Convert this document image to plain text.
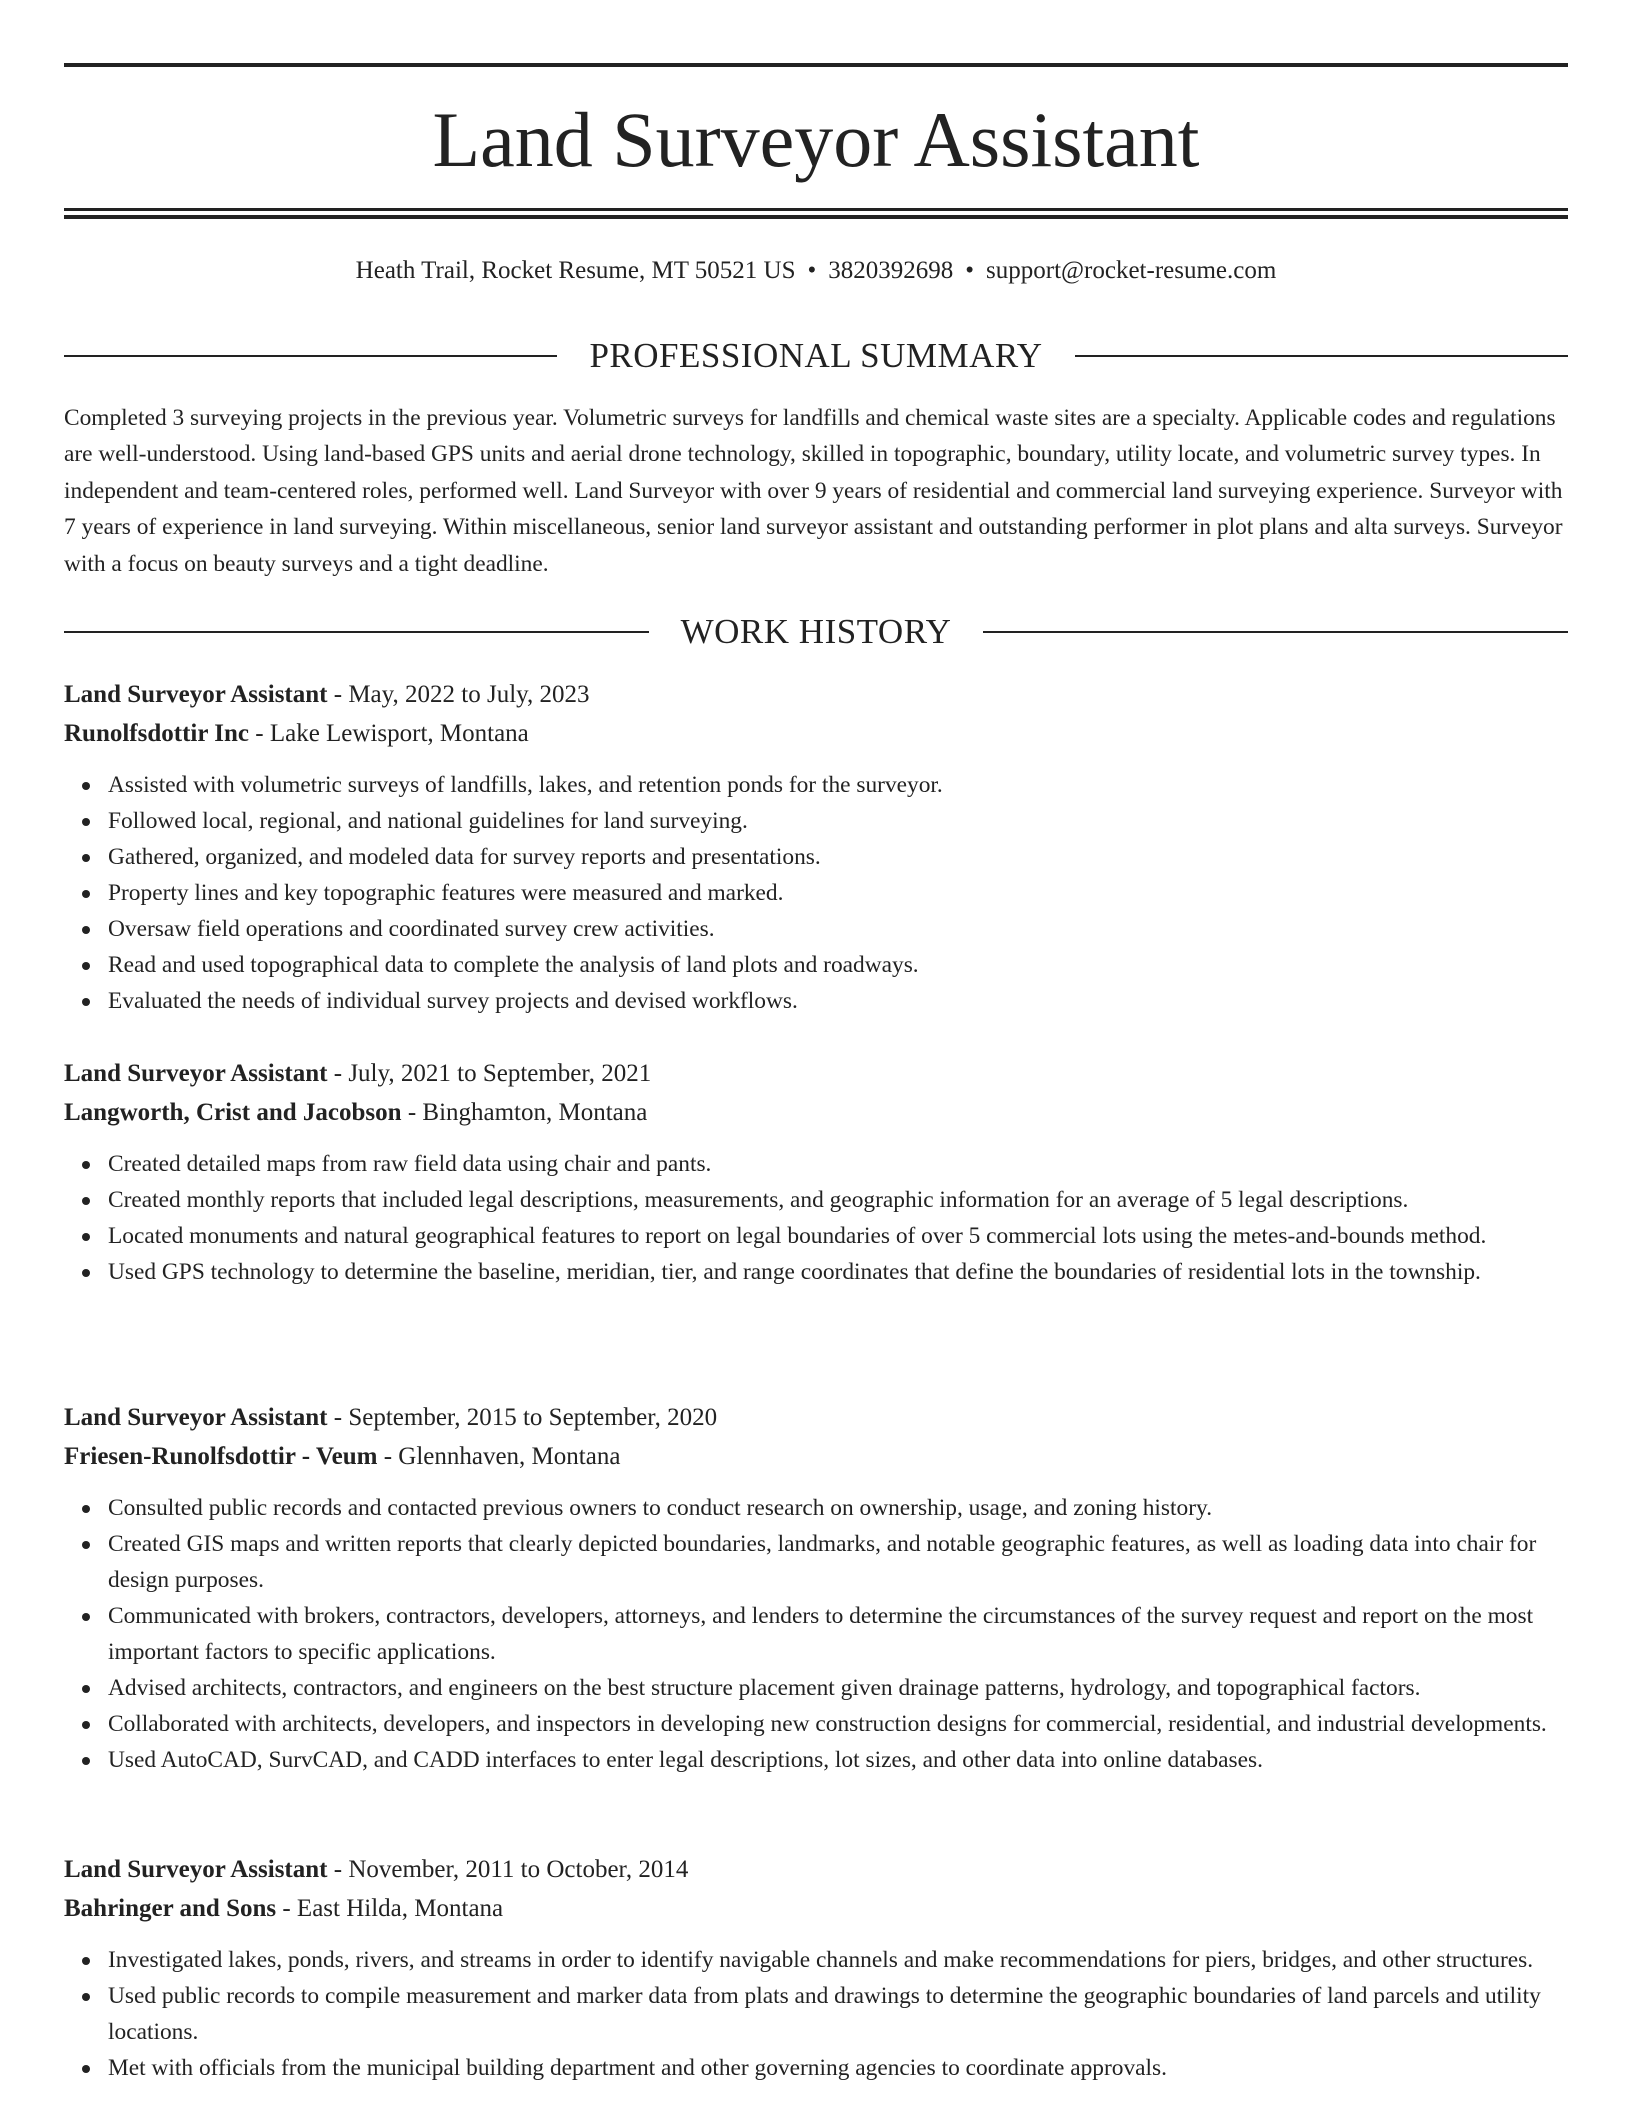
Land Surveyor Assistant
Heath Trail, Rocket Resume, MT 50521 US • 3820392698 • support@rocket-resume.com
PROFESSIONAL SUMMARY

Completed 3 surveying projects in the previous year. Volumetric surveys for landfills and chemical waste sites are a specialty. Applicable codes and regulations are well-understood. Using land-based GPS units and aerial drone technology, skilled in topographic, boundary, utility locate, and volumetric survey types. In independent and team-centered roles, performed well. Land Surveyor with over 9 years of residential and commercial land surveying experience. Surveyor with 7 years of experience in land surveying. Within miscellaneous, senior land surveyor assistant and outstanding performer in plot plans and alta surveys. Surveyor with a focus on beauty surveys and a tight deadline.

WORK HISTORY
Land Surveyor Assistant - May, 2022 to July, 2023
Runolfsdottir Inc - Lake Lewisport, Montana
Assisted with volumetric surveys of landfills, lakes, and retention ponds for the surveyor.
Followed local, regional, and national guidelines for land surveying.
Gathered, organized, and modeled data for survey reports and presentations.
Property lines and key topographic features were measured and marked.
Oversaw field operations and coordinated survey crew activities.
Read and used topographical data to complete the analysis of land plots and roadways.
Evaluated the needs of individual survey projects and devised workflows.
Land Surveyor Assistant - July, 2021 to September, 2021
Langworth, Crist and Jacobson - Binghamton, Montana
Created detailed maps from raw field data using chair and pants.
Created monthly reports that included legal descriptions, measurements, and geographic information for an average of 5 legal descriptions.
Located monuments and natural geographical features to report on legal boundaries of over 5 commercial lots using the metes-and-bounds method.
Used GPS technology to determine the baseline, meridian, tier, and range coordinates that define the boundaries of residential lots in the township.
Land Surveyor Assistant - September, 2015 to September, 2020
Friesen-Runolfsdottir - Veum - Glennhaven, Montana
Consulted public records and contacted previous owners to conduct research on ownership, usage, and zoning history.
Created GIS maps and written reports that clearly depicted boundaries, landmarks, and notable geographic features, as well as loading data into chair for design purposes.
Communicated with brokers, contractors, developers, attorneys, and lenders to determine the circumstances of the survey request and report on the most important factors to specific applications.
Advised architects, contractors, and engineers on the best structure placement given drainage patterns, hydrology, and topographical factors.
Collaborated with architects, developers, and inspectors in developing new construction designs for commercial, residential, and industrial developments.
Used AutoCAD, SurvCAD, and CADD interfaces to enter legal descriptions, lot sizes, and other data into online databases.
Land Surveyor Assistant - November, 2011 to October, 2014
Bahringer and Sons - East Hilda, Montana
Investigated lakes, ponds, rivers, and streams in order to identify navigable channels and make recommendations for piers, bridges, and other structures.
Used public records to compile measurement and marker data from plats and drawings to determine the geographic boundaries of land parcels and utility locations.
Met with officials from the municipal building department and other governing agencies to coordinate approvals.
